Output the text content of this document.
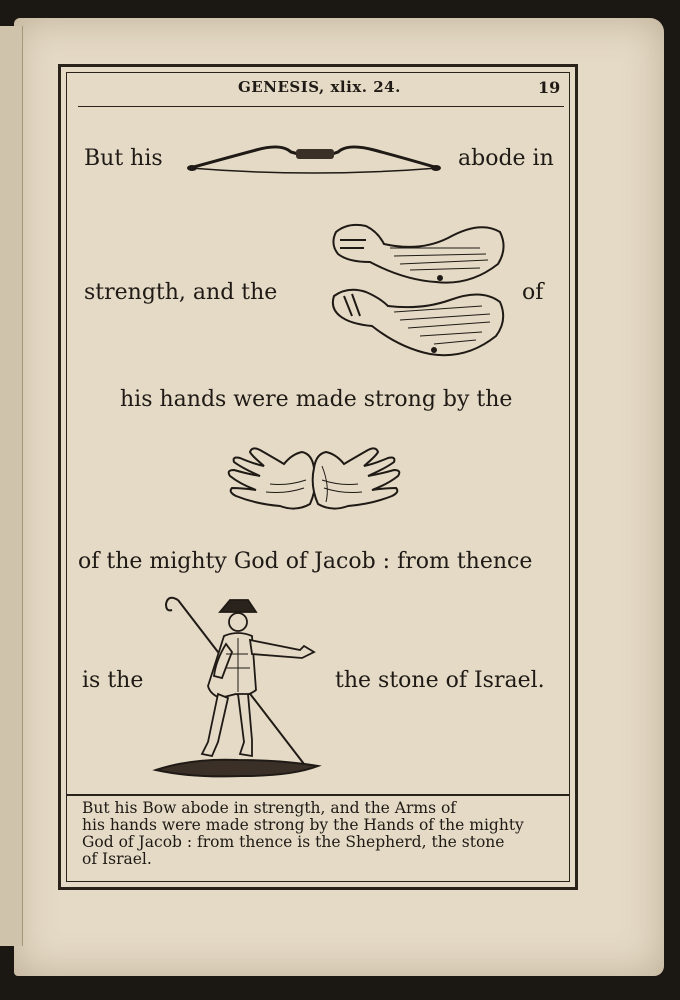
GENESIS, xlix. 24.	19
But his	abode in
strength, and the	of
his hands were made strong by the
of the mighty God of Jacob : from thence
is the	the stone of Israel.
But his Bow abode in strength, and the Arms of
his hands were made strong by the Hands of the mighty
God of Jacob : from thence is the Shepherd, the stone
of Israel.
